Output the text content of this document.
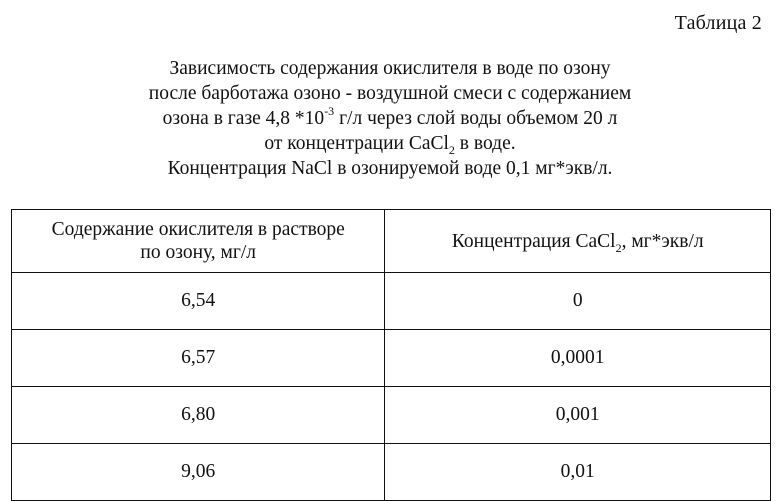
Таблица 2
Зависимость содержания окислителя в воде по озону
после барботажа озоно - воздушной смеси с содержанием
озона в газе 4,8 $*10^{-3}$ г/л через слой воды объемом 20 л
от концентрации CaCl$_2$ в воде.
Концентрация NaCl в озонируемой воде 0,1 мг*экв/л.
Содержание окислителя в растворе
по озону, мг/л	Концентрация CaCl$_2$, мг*экв/л
6,54	0
6,57	0,0001
6,80	0,001
9,06	0,01
